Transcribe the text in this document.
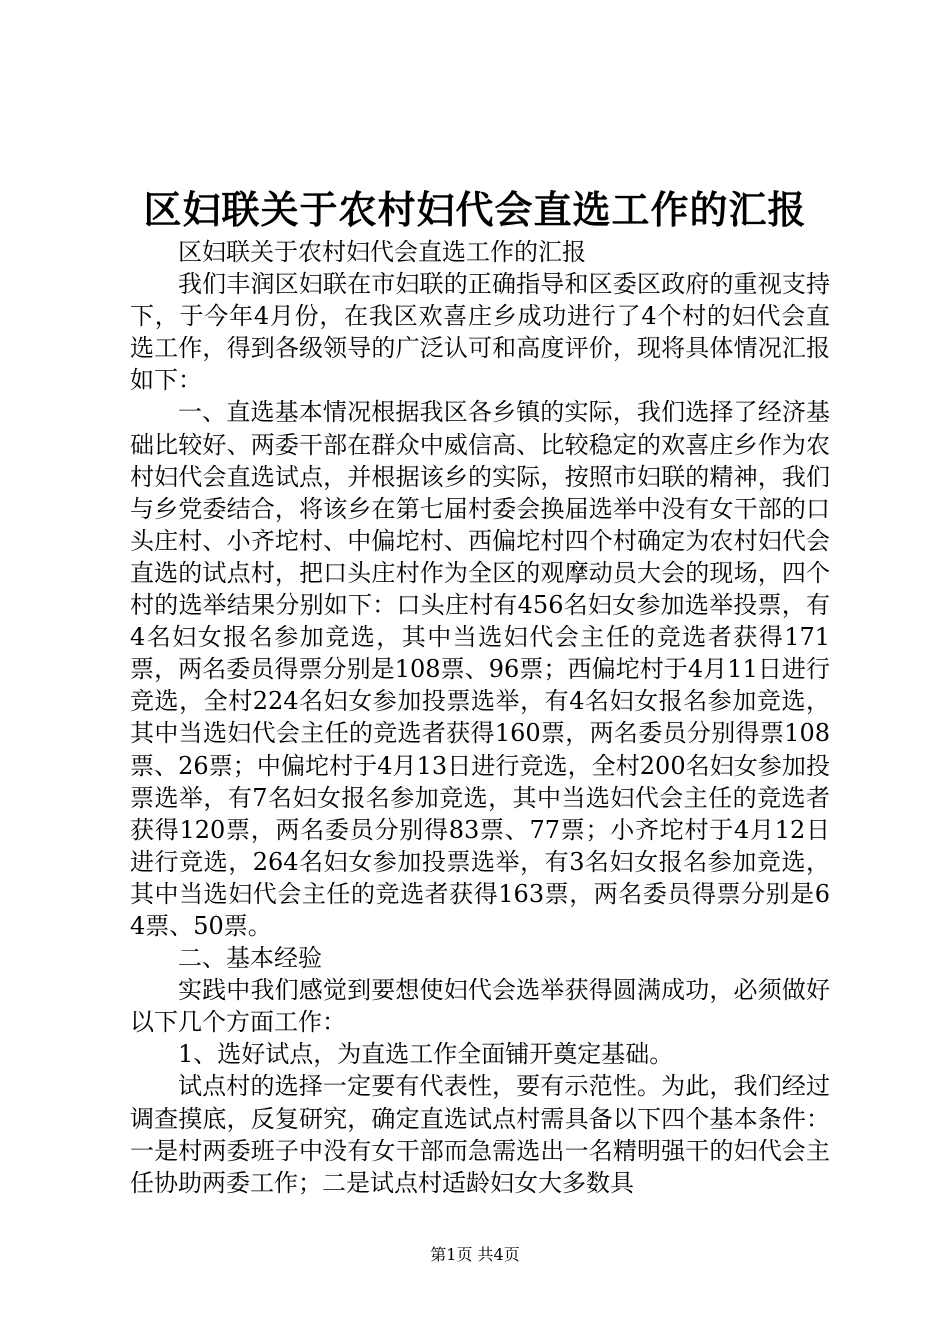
区妇联关于农村妇代会直选工作的汇报

区妇联关于农村妇代会直选工作的汇报

我们丰润区妇联在市妇联的正确指导和区委区政府的重视支持下，于今年4月份，在我区欢喜庄乡成功进行了4个村的妇代会直选工作，得到各级领导的广泛认可和高度评价，现将具体情况汇报如下：

一、直选基本情况根据我区各乡镇的实际，我们选择了经济基础比较好、两委干部在群众中威信高、比较稳定的欢喜庄乡作为农村妇代会直选试点，并根据该乡的实际，按照市妇联的精神，我们与乡党委结合，将该乡在第七届村委会换届选举中没有女干部的口头庄村、小齐坨村、中偏坨村、西偏坨村四个村确定为农村妇代会直选的试点村，把口头庄村作为全区的观摩动员大会的现场，四个村的选举结果分别如下：口头庄村有456名妇女参加选举投票，有4名妇女报名参加竞选，其中当选妇代会主任的竞选者获得171票，两名委员得票分别是108票、96票；西偏坨村于4月11日进行竞选，全村224名妇女参加投票选举，有4名妇女报名参加竞选，其中当选妇代会主任的竞选者获得160票，两名委员分别得票108票、26票；中偏坨村于4月13日进行竞选，全村200名妇女参加投票选举，有7名妇女报名参加竞选，其中当选妇代会主任的竞选者获得120票，两名委员分别得83票、77票；小齐坨村于4月12日进行竞选，264名妇女参加投票选举，有3名妇女报名参加竞选，其中当选妇代会主任的竞选者获得163票，两名委员得票分别是64票、50票。

二、基本经验

实践中我们感觉到要想使妇代会选举获得圆满成功，必须做好以下几个方面工作：

1、选好试点，为直选工作全面铺开奠定基础。

试点村的选择一定要有代表性，要有示范性。为此，我们经过调查摸底，反复研究，确定直选试点村需具备以下四个基本条件：一是村两委班子中没有女干部而急需选出一名精明强干的妇代会主任协助两委工作；二是试点村适龄妇女大多数具

第1页 共4页
